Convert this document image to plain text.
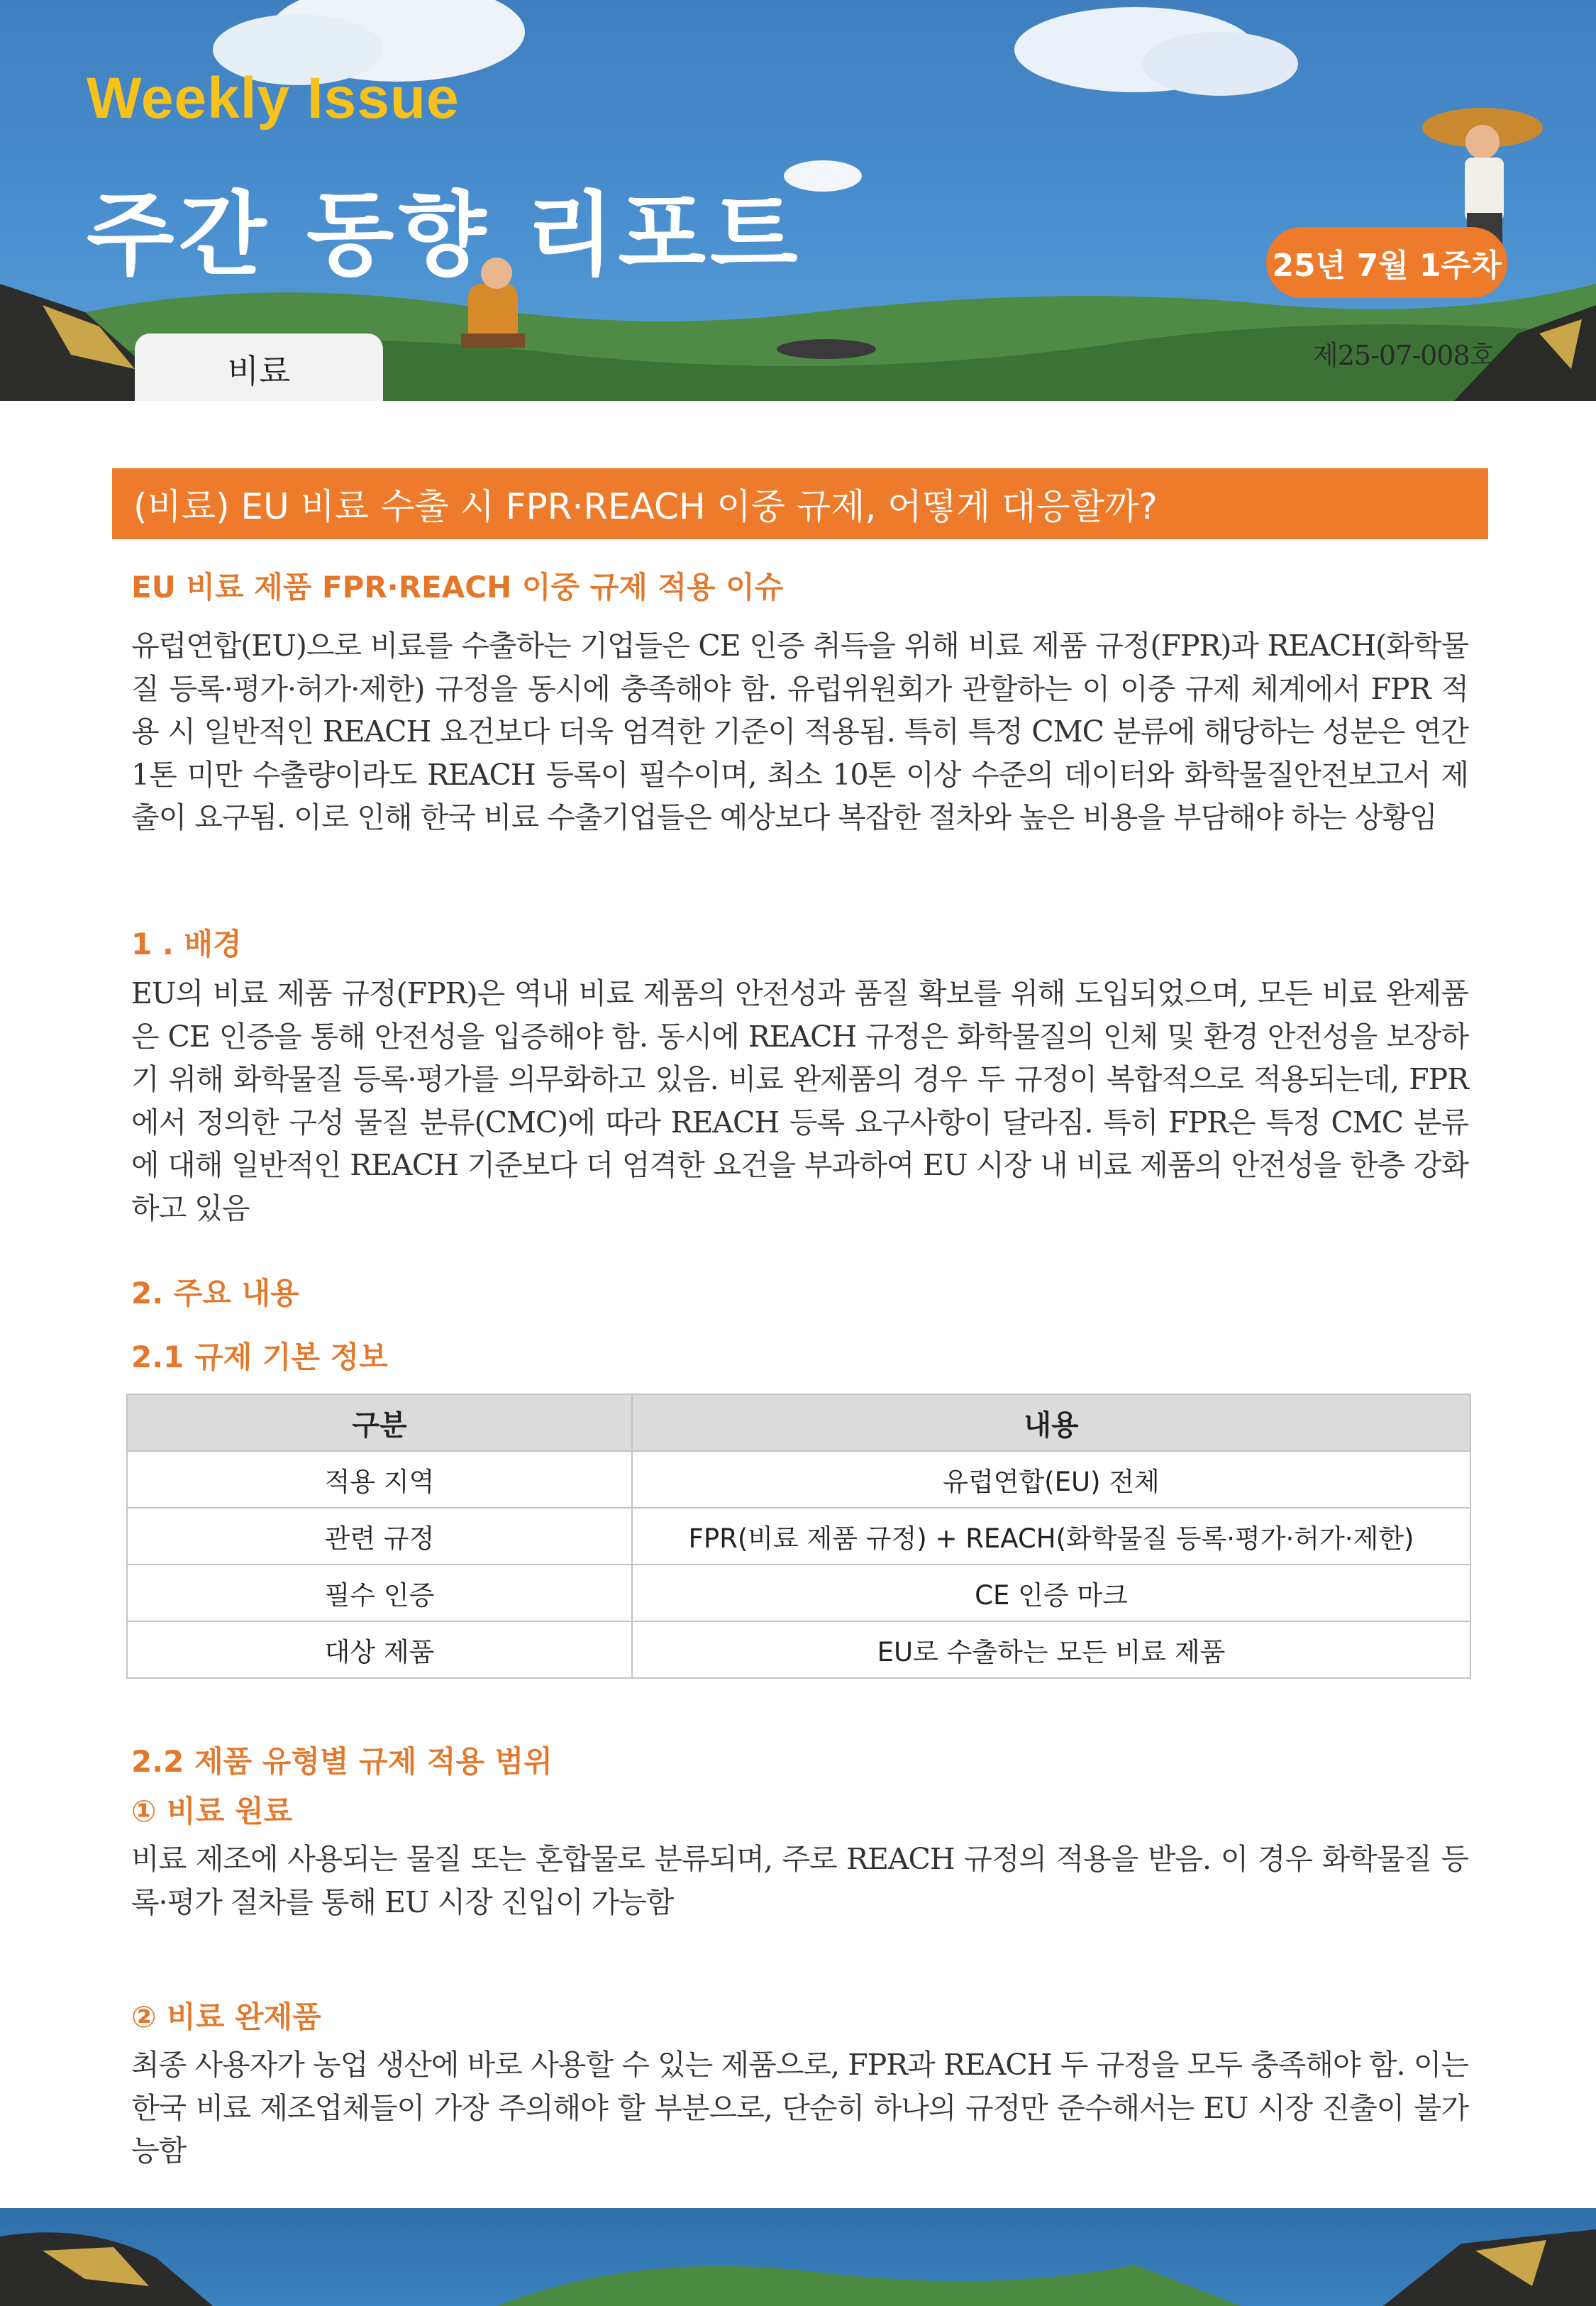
Weekly Issue
주간 동향 리포트	25년 7월 1주차
제25-07-008호
비료
(비료) EU 비료 수출 시 FPR·REACH 이중 규제, 어떻게 대응할까?
EU 비료 제품 FPR·REACH 이중 규제 적용 이슈

유럽연합(EU)으로 비료를 수출하는 기업들은 CE 인증 취득을 위해 비료 제품 규정(FPR)과 REACH(화학물질 등록·평가·허가·제한) 규정을 동시에 충족해야 함. 유럽위원회가 관할하는 이 이중 규제 체계에서 FPR 적용 시 일반적인 REACH 요건보다 더욱 엄격한 기준이 적용됨. 특히 특정 CMC 분류에 해당하는 성분은 연간 1톤 미만 수출량이라도 REACH 등록이 필수이며, 최소 10톤 이상 수준의 데이터와 화학물질안전보고서 제출이 요구됨. 이로 인해 한국 비료 수출기업들은 예상보다 복잡한 절차와 높은 비용을 부담해야 하는 상황임

1 . 배경

EU의 비료 제품 규정(FPR)은 역내 비료 제품의 안전성과 품질 확보를 위해 도입되었으며, 모든 비료 완제품은 CE 인증을 통해 안전성을 입증해야 함. 동시에 REACH 규정은 화학물질의 인체 및 환경 안전성을 보장하기 위해 화학물질 등록·평가를 의무화하고 있음. 비료 완제품의 경우 두 규정이 복합적으로 적용되는데, FPR에서 정의한 구성 물질 분류(CMC)에 따라 REACH 등록 요구사항이 달라짐. 특히 FPR은 특정 CMC 분류에 대해 일반적인 REACH 기준보다 더 엄격한 요건을 부과하여 EU 시장 내 비료 제품의 안전성을 한층 강화하고 있음

2. 주요 내용
2.1 규제 기본 정보
구분	내용
적용 지역	유럽연합(EU) 전체
관련 규정	FPR(비료 제품 규정) + REACH(화학물질 등록·평가·허가·제한)
필수 인증	CE 인증 마크
대상 제품	EU로 수출하는 모든 비료 제품
2.2 제품 유형별 규제 적용 범위
① 비료 원료

비료 제조에 사용되는 물질 또는 혼합물로 분류되며, 주로 REACH 규정의 적용을 받음. 이 경우 화학물질 등록·평가 절차를 통해 EU 시장 진입이 가능함

② 비료 완제품

최종 사용자가 농업 생산에 바로 사용할 수 있는 제품으로, FPR과 REACH 두 규정을 모두 충족해야 함. 이는 한국 비료 제조업체들이 가장 주의해야 할 부분으로, 단순히 하나의 규정만 준수해서는 EU 시장 진출이 불가능함
